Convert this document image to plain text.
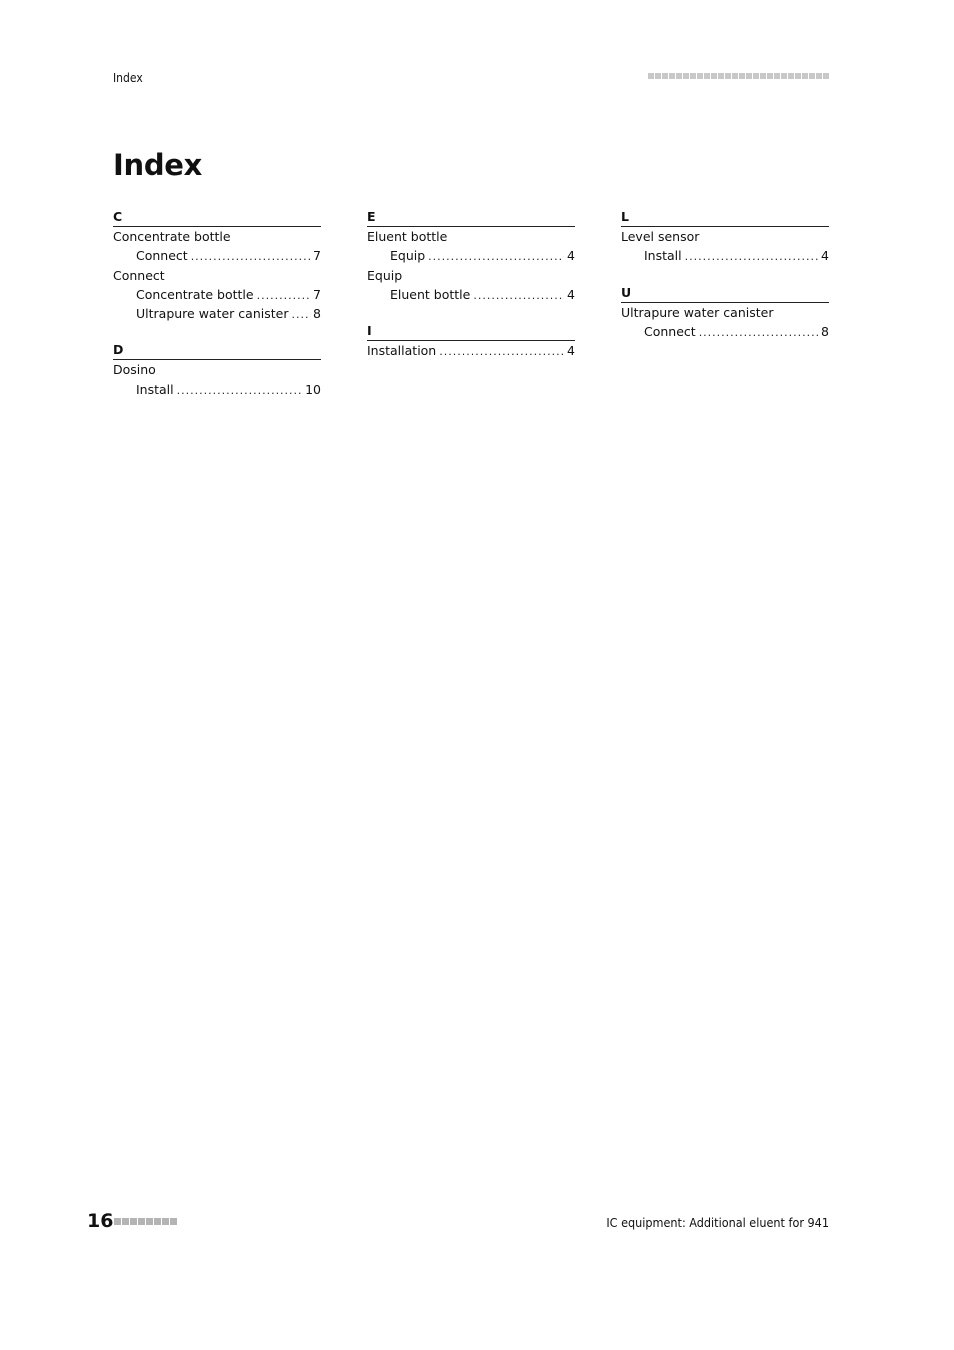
Index
Index
C
Concentrate bottle
Connect .....	7
Connect
Concentrate bottle .....	7
Ultrapure water canister ..... 8
D
Dosino
Install .....	10
E
Eluent bottle
Equip .....	4
Equip
Eluent bottle .....	4
I
Installation .....	4
L
Level sensor
Install .....	4
U
Ultrapure water canister
Connect .....	8
16	IC equipment: Additional eluent for 941
